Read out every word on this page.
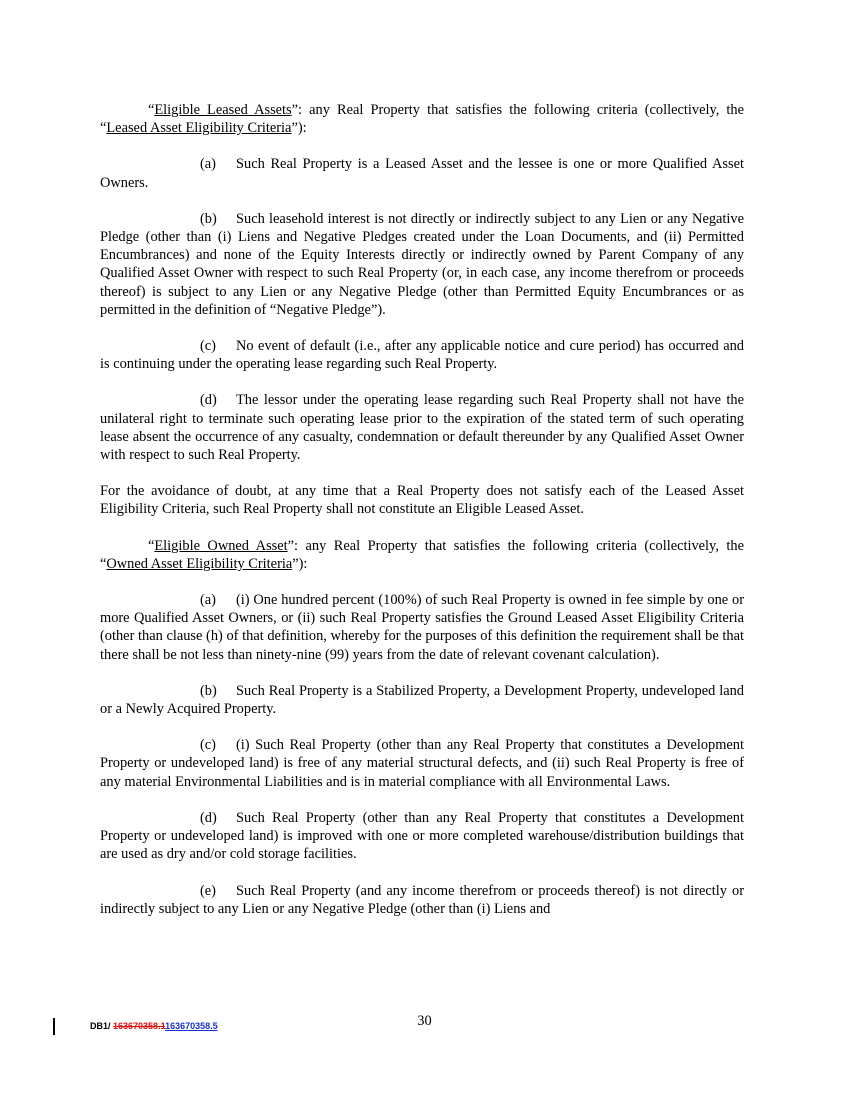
“Eligible Leased Assets”: any Real Property that satisfies the following criteria (collectively, the “Leased Asset Eligibility Criteria”):

(a) Such Real Property is a Leased Asset and the lessee is one or more Qualified Asset Owners.

(b) Such leasehold interest is not directly or indirectly subject to any Lien or any Negative Pledge (other than (i) Liens and Negative Pledges created under the Loan Documents, and (ii) Permitted Encumbrances) and none of the Equity Interests directly or indirectly owned by Parent Company of any Qualified Asset Owner with respect to such Real Property (or, in each case, any income therefrom or proceeds thereof) is subject to any Lien or any Negative Pledge (other than Permitted Equity Encumbrances or as permitted in the definition of “Negative Pledge”).

(c) No event of default (i.e., after any applicable notice and cure period) has occurred and is continuing under the operating lease regarding such Real Property.

(d) The lessor under the operating lease regarding such Real Property shall not have the unilateral right to terminate such operating lease prior to the expiration of the stated term of such operating lease absent the occurrence of any casualty, condemnation or default thereunder by any Qualified Asset Owner with respect to such Real Property.

For the avoidance of doubt, at any time that a Real Property does not satisfy each of the Leased Asset Eligibility Criteria, such Real Property shall not constitute an Eligible Leased Asset.

“Eligible Owned Asset”: any Real Property that satisfies the following criteria (collectively, the “Owned Asset Eligibility Criteria”):

(a) (i) One hundred percent (100%) of such Real Property is owned in fee simple by one or more Qualified Asset Owners, or (ii) such Real Property satisfies the Ground Leased Asset Eligibility Criteria (other than clause (h) of that definition, whereby for the purposes of this definition the requirement shall be that there shall be not less than ninety-nine (99) years from the date of relevant covenant calculation).

(b) Such Real Property is a Stabilized Property, a Development Property, undeveloped land or a Newly Acquired Property.

(c) (i) Such Real Property (other than any Real Property that constitutes a Development Property or undeveloped land) is free of any material structural defects, and (ii) such Real Property is free of any material Environmental Liabilities and is in material compliance with all Environmental Laws.

(d) Such Real Property (other than any Real Property that constitutes a Development Property or undeveloped land) is improved with one or more completed warehouse/distribution buildings that are used as dry and/or cold storage facilities.

(e) Such Real Property (and any income therefrom or proceeds thereof) is not directly or indirectly subject to any Lien or any Negative Pledge (other than (i) Liens and

DB1/ 163670358.1163670358.5	30
